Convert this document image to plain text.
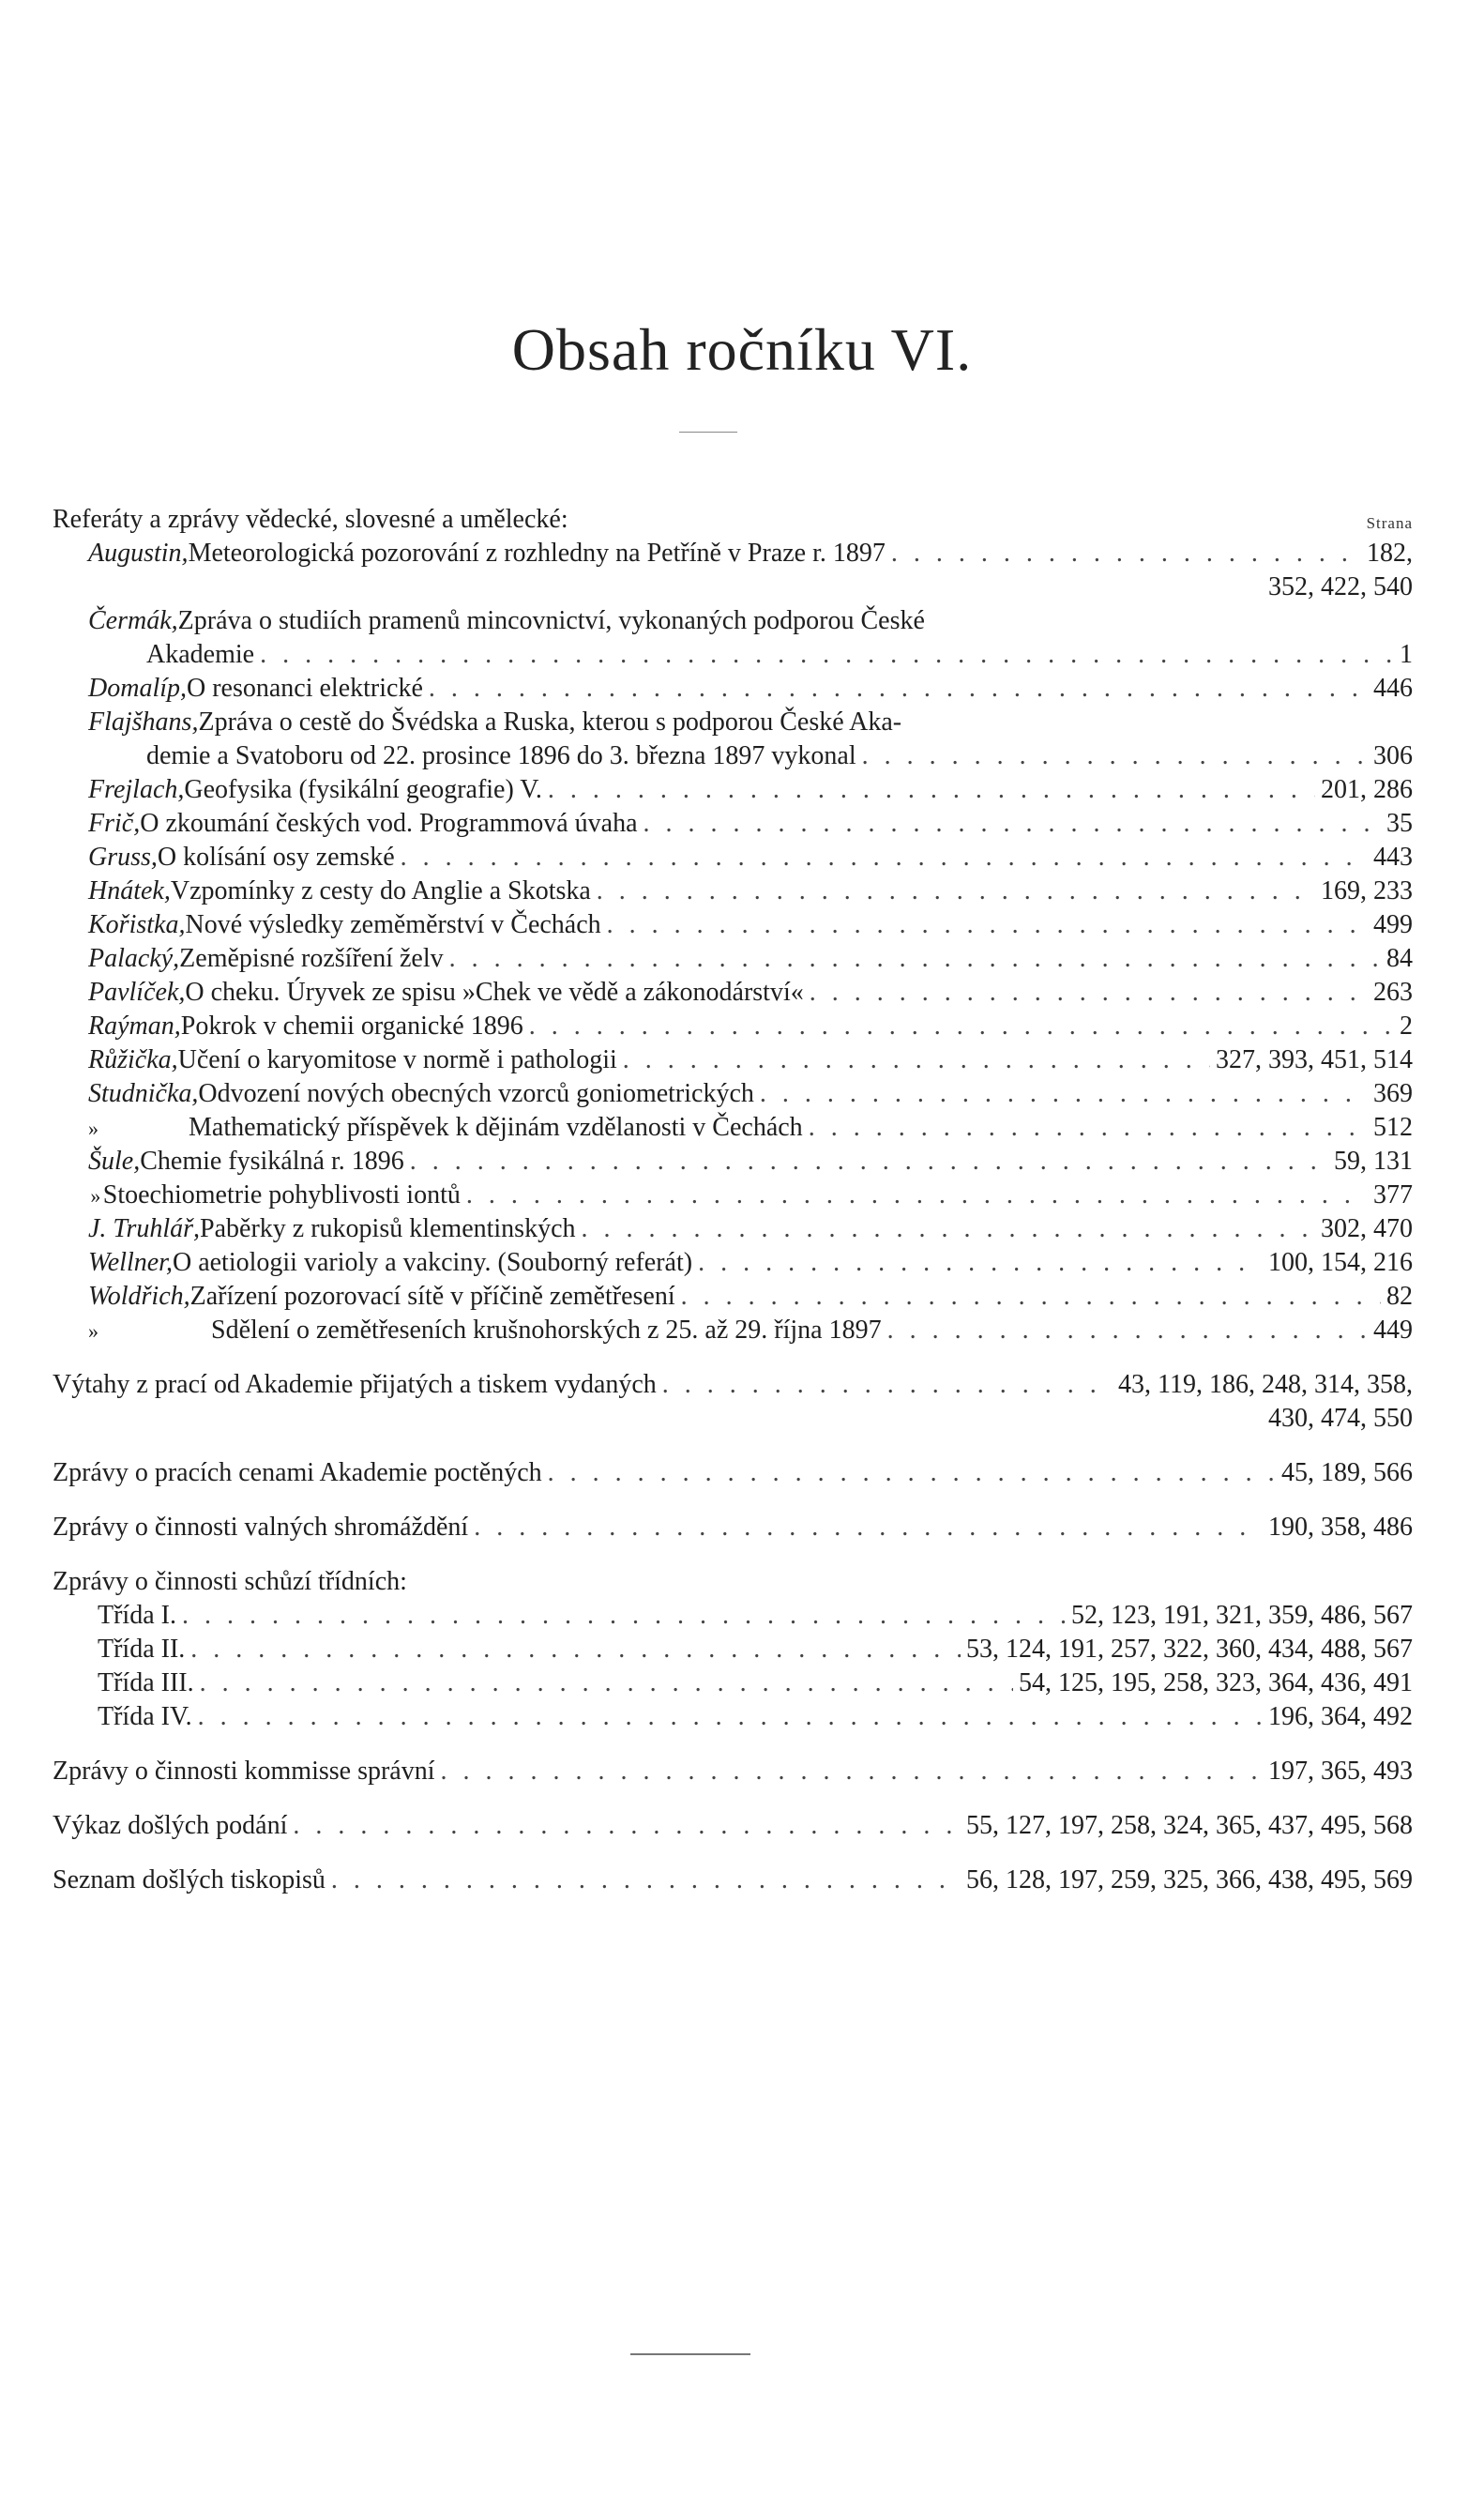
Obsah ročníku VI.
Referáty a zprávy vědecké, slovesné a umělecké:	Strana
Augustin, Meteorologická pozorování z rozhledny na Petříně v Praze r. 1897 . . .	182,
352, 422, 540
Čermák, Zpráva o studiích pramenů mincovnictví, vykonaných podporou České
Akademie . . .	1
Domalíp, O resonanci elektrické . . .	446
Flajšhans, Zpráva o cestě do Švédska a Ruska, kterou s podporou České Aka-
demie a Svatoboru od 22. prosince 1896 do 3. března 1897 vykonal . . .	306
Frejlach, Geofysika (fysikální geografie) V. . . .	201, 286
Frič, O zkoumání českých vod. Programmová úvaha . . .	35
Gruss, O kolísání osy zemské . . .	443
Hnátek, Vzpomínky z cesty do Anglie a Skotska . . .	169, 233
Kořistka, Nové výsledky zeměměrství v Čechách . . .	499
Palacký, Zeměpisné rozšíření želv . . .	84
Pavlíček, O cheku. Úryvek ze spisu »Chek ve vědě a zákonodárství« . . .	263
Raýman, Pokrok v chemii organické 1896 . . .	2
Růžička, Učení o karyomitose v normě i pathologii . . .	327, 393, 451, 514
Studnička, Odvození nových obecných vzorců goniometrických . . .	369
»	Mathematický příspěvek k dějinám vzdělanosti v Čechách . . .	512
Šule, Chemie fysikálná r. 1896 . . .	59, 131
» Stoechiometrie pohyblivosti iontů . . .	377
J. Truhlář, Paběrky z rukopisů klementinských . . .	302, 470
Wellner, O aetiologii varioly a vakciny. (Souborný referát) . . .	100, 154, 216
Woldřich, Zařízení pozorovací sítě v příčině zemětřesení . . .	82
»	Sdělení o zemětřeseních krušnohorských z 25. až 29. října 1897 . . .	449
Výtahy z prací od Akademie přijatých a tiskem vydaných . . .	43, 119, 186, 248, 314, 358,
430, 474, 550
Zprávy o pracích cenami Akademie poctěných . . .	45, 189, 566
Zprávy o činnosti valných shromáždění . . .	190, 358, 486
Zprávy o činnosti schůzí třídních:
Třída I. . . .	52, 123, 191, 321, 359, 486, 567
Třída II. . . .	53, 124, 191, 257, 322, 360, 434, 488, 567
Třída III. . . .	54, 125, 195, 258, 323, 364, 436, 491
Třída IV. . . .	196, 364, 492
Zprávy o činnosti kommisse správní . . .	197, 365, 493
Výkaz došlých podání . . .	55, 127, 197, 258, 324, 365, 437, 495, 568
Seznam došlých tiskopisů . . .	56, 128, 197, 259, 325, 366, 438, 495, 569
